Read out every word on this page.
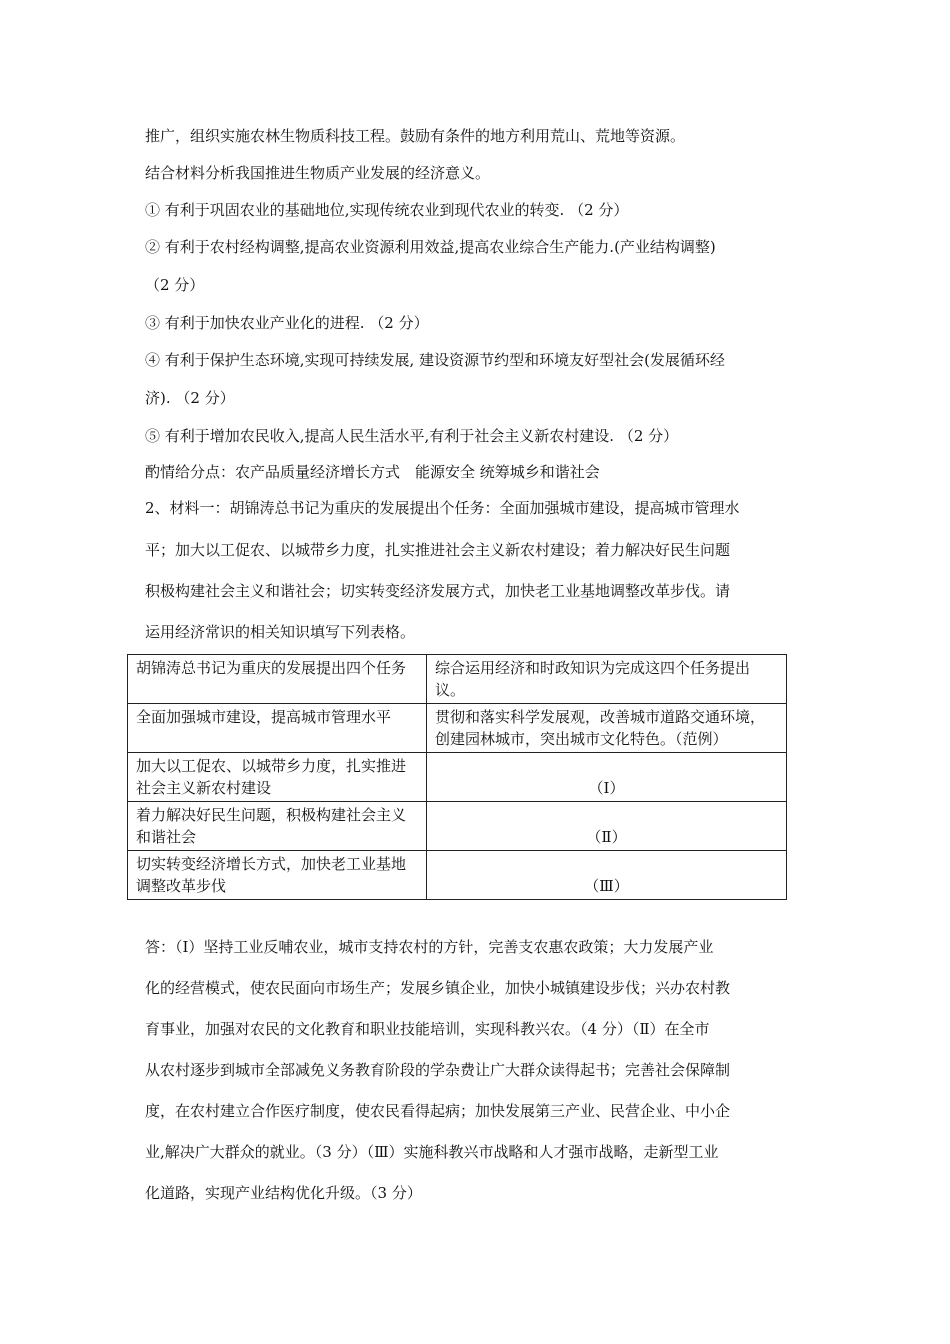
推广，组织实施农林生物质科技工程。鼓励有条件的地方利用荒山、荒地等资源。
结合材料分析我国推进生物质产业发展的经济意义。
① 有利于巩固农业的基础地位,实现传统农业到现代农业的转变. （2 分）
② 有利于农村经构调整,提高农业资源利用效益,提高农业综合生产能力.(产业结构调整)
（2 分）
③ 有利于加快农业产业化的进程. （2 分）
④ 有利于保护生态环境,实现可持续发展, 建设资源节约型和环境友好型社会(发展循环经
济). （2 分）
⑤ 有利于增加农民收入,提高人民生活水平,有利于社会主义新农村建设. （2 分）
酌情给分点：农产品质量经济增长方式　能源安全 统筹城乡和谐社会
2、材料一：胡锦涛总书记为重庆的发展提出个任务：全面加强城市建设，提高城市管理水
平；加大以工促农、以城带乡力度，扎实推进社会主义新农村建设；着力解决好民生问题
积极构建社会主义和谐社会；切实转变经济发展方式，加快老工业基地调整改革步伐。请
运用经济常识的相关知识填写下列表格。
胡锦涛总书记为重庆的发展提出四个任务	综合运用经济和时政知识为完成这四个任务提出议。
全面加强城市建设，提高城市管理水平	贯彻和落实科学发展观，改善城市道路交通环境，创建园林城市，突出城市文化特色。（范例）
加大以工促农、以城带乡力度，扎实推进社会主义新农村建设	（Ⅰ）
着力解决好民生问题，积极构建社会主义和谐社会	（Ⅱ）
切实转变经济增长方式，加快老工业基地调整改革步伐	（Ⅲ）
答：（Ⅰ）坚持工业反哺农业，城市支持农村的方针，完善支农惠农政策；大力发展产业
化的经营模式，使农民面向市场生产；发展乡镇企业，加快小城镇建设步伐；兴办农村教
育事业，加强对农民的文化教育和职业技能培训，实现科教兴农。（4 分）（Ⅱ）在全市
从农村逐步到城市全部减免义务教育阶段的学杂费让广大群众读得起书；完善社会保障制
度，在农村建立合作医疗制度，使农民看得起病；加快发展第三产业、民营企业、中小企
业,解决广大群众的就业。（3 分）（Ⅲ）实施科教兴市战略和人才强市战略，走新型工业
化道路，实现产业结构优化升级。（3 分）
